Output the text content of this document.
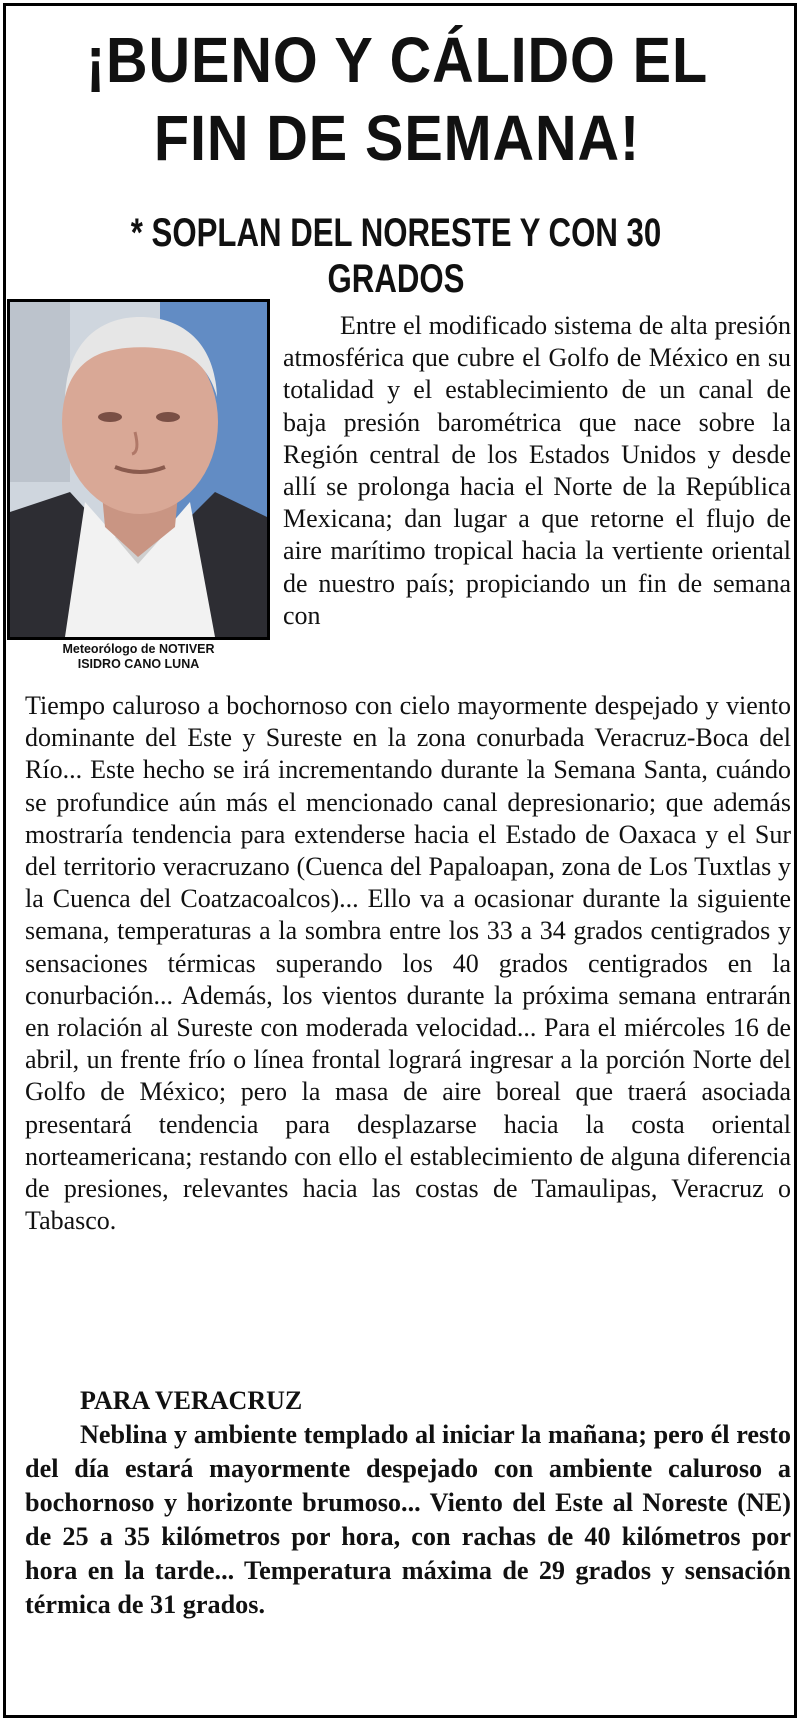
¡BUENO Y CÁLIDO EL
FIN DE SEMANA!
* SOPLAN DEL NORESTE Y CON 30 GRADOS
Meteorólogo de NOTIVER
ISIDRO CANO LUNA

Entre el modificado sistema de alta presión atmosférica que cubre el Golfo de México en su totalidad y el establecimiento de un canal de baja presión barométrica que nace sobre la Región central de los Estados Unidos y desde allí se prolonga hacia el Norte de la República Mexicana; dan lugar a que retorne el flujo de aire marítimo tropical hacia la vertiente oriental de nuestro país; propiciando un fin de semana con

Tiempo caluroso a bochornoso con cielo mayormente despejado y viento dominante del Este y Sureste en la zona conurbada Veracruz-Boca del Río... Este hecho se irá incrementando durante la Semana Santa, cuándo se profundice aún más el mencionado canal depresionario; que además mostraría tendencia para extenderse hacia el Estado de Oaxaca y el Sur del territorio veracruzano (Cuenca del Papaloapan, zona de Los Tuxtlas y la Cuenca del Coatzacoalcos)... Ello va a ocasionar durante la siguiente semana, temperaturas a la sombra entre los 33 a 34 grados centigrados y sensaciones térmicas superando los 40 grados centigrados en la conurbación... Además, los vientos durante la próxima semana entrarán en rolación al Sureste con moderada velocidad... Para el miércoles 16 de abril, un frente frío o línea frontal logrará ingresar a la porción Norte del Golfo de México; pero la masa de aire boreal que traerá asociada presentará tendencia para desplazarse hacia la costa oriental norteamericana; restando con ello el establecimiento de alguna diferencia de presiones, relevantes hacia las costas de Tamaulipas, Veracruz o Tabasco.

PARA VERACRUZ

Neblina y ambiente templado al iniciar la mañana; pero él resto del día estará mayormente despejado con ambiente caluroso a bochornoso y horizonte brumoso... Viento del Este al Noreste (NE) de 25 a 35 kilómetros por hora, con rachas de 40 kilómetros por hora en la tarde... Temperatura máxima de 29 grados y sensación térmica de 31 grados.
